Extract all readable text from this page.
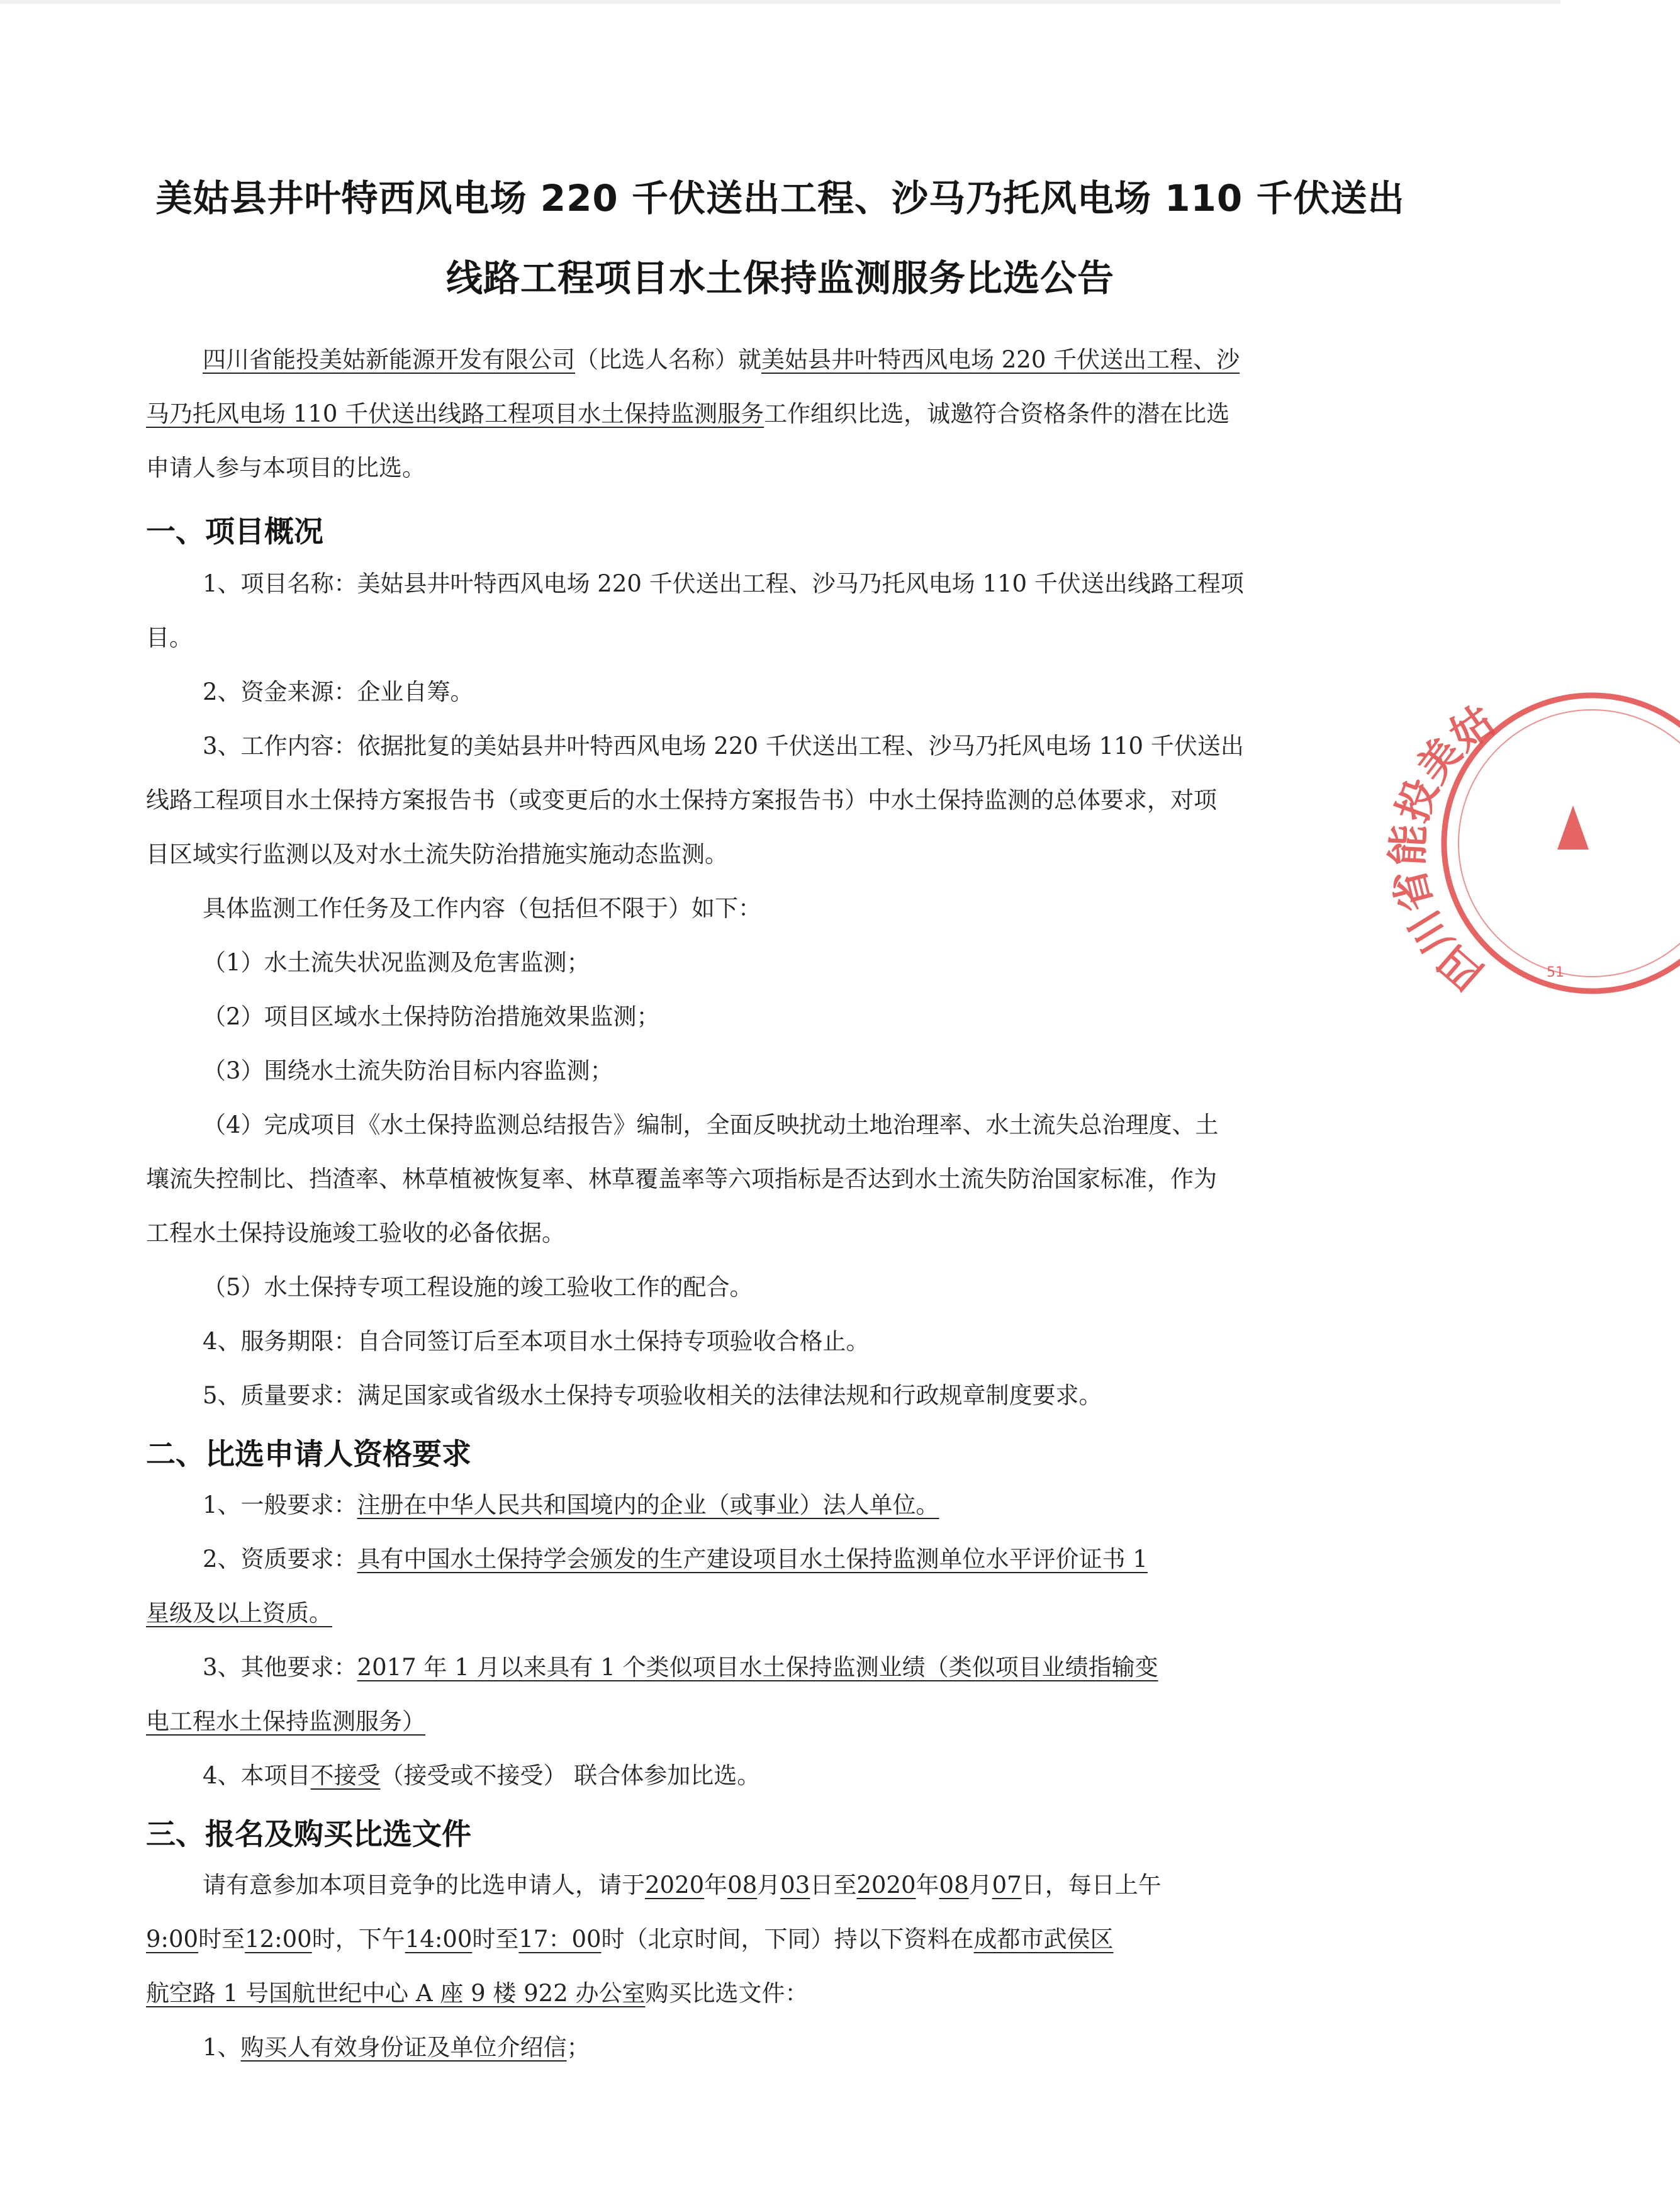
美姑县井叶特西风电场 220 千伏送出工程、沙马乃托风电场 110 千伏送出
线路工程项目水土保持监测服务比选公告
四川省能投美姑新能源开发有限公司（比选人名称）就美姑县井叶特西风电场 220 千伏送出工程、沙
马乃托风电场 110 千伏送出线路工程项目水土保持监测服务工作组织比选，诚邀符合资格条件的潜在比选
申请人参与本项目的比选。
一、项目概况
1、项目名称：美姑县井叶特西风电场 220 千伏送出工程、沙马乃托风电场 110 千伏送出线路工程项
目。
2、资金来源：企业自筹。
3、工作内容：依据批复的美姑县井叶特西风电场 220 千伏送出工程、沙马乃托风电场 110 千伏送出
线路工程项目水土保持方案报告书（或变更后的水土保持方案报告书）中水土保持监测的总体要求，对项
目区域实行监测以及对水土流失防治措施实施动态监测。
具体监测工作任务及工作内容（包括但不限于）如下：
（1）水土流失状况监测及危害监测；
（2）项目区域水土保持防治措施效果监测；
（3）围绕水土流失防治目标内容监测；
（4）完成项目《水土保持监测总结报告》编制，全面反映扰动土地治理率、水土流失总治理度、土
壤流失控制比、挡渣率、林草植被恢复率、林草覆盖率等六项指标是否达到水土流失防治国家标准，作为
工程水土保持设施竣工验收的必备依据。
（5）水土保持专项工程设施的竣工验收工作的配合。
4、服务期限：自合同签订后至本项目水土保持专项验收合格止。
5、质量要求：满足国家或省级水土保持专项验收相关的法律法规和行政规章制度要求。
二、比选申请人资格要求
1、一般要求：注册在中华人民共和国境内的企业（或事业）法人单位。
2、资质要求：具有中国水土保持学会颁发的生产建设项目水土保持监测单位水平评价证书 1
星级及以上资质。
3、其他要求：2017 年 1 月以来具有 1 个类似项目水土保持监测业绩（类似项目业绩指输变
电工程水土保持监测服务）
4、本项目不接受（接受或不接受） 联合体参加比选。
三、报名及购买比选文件
请有意参加本项目竞争的比选申请人，请于2020年08月03日至2020年08月07日，每日上午
9:00时至12:00时，下午14:00时至17：00时（北京时间，下同）持以下资料在成都市武侯区
航空路 1 号国航世纪中心 A 座 9 楼 922 办公室购买比选文件：
1、购买人有效身份证及单位介绍信；
四川省能投美姑新能
51
